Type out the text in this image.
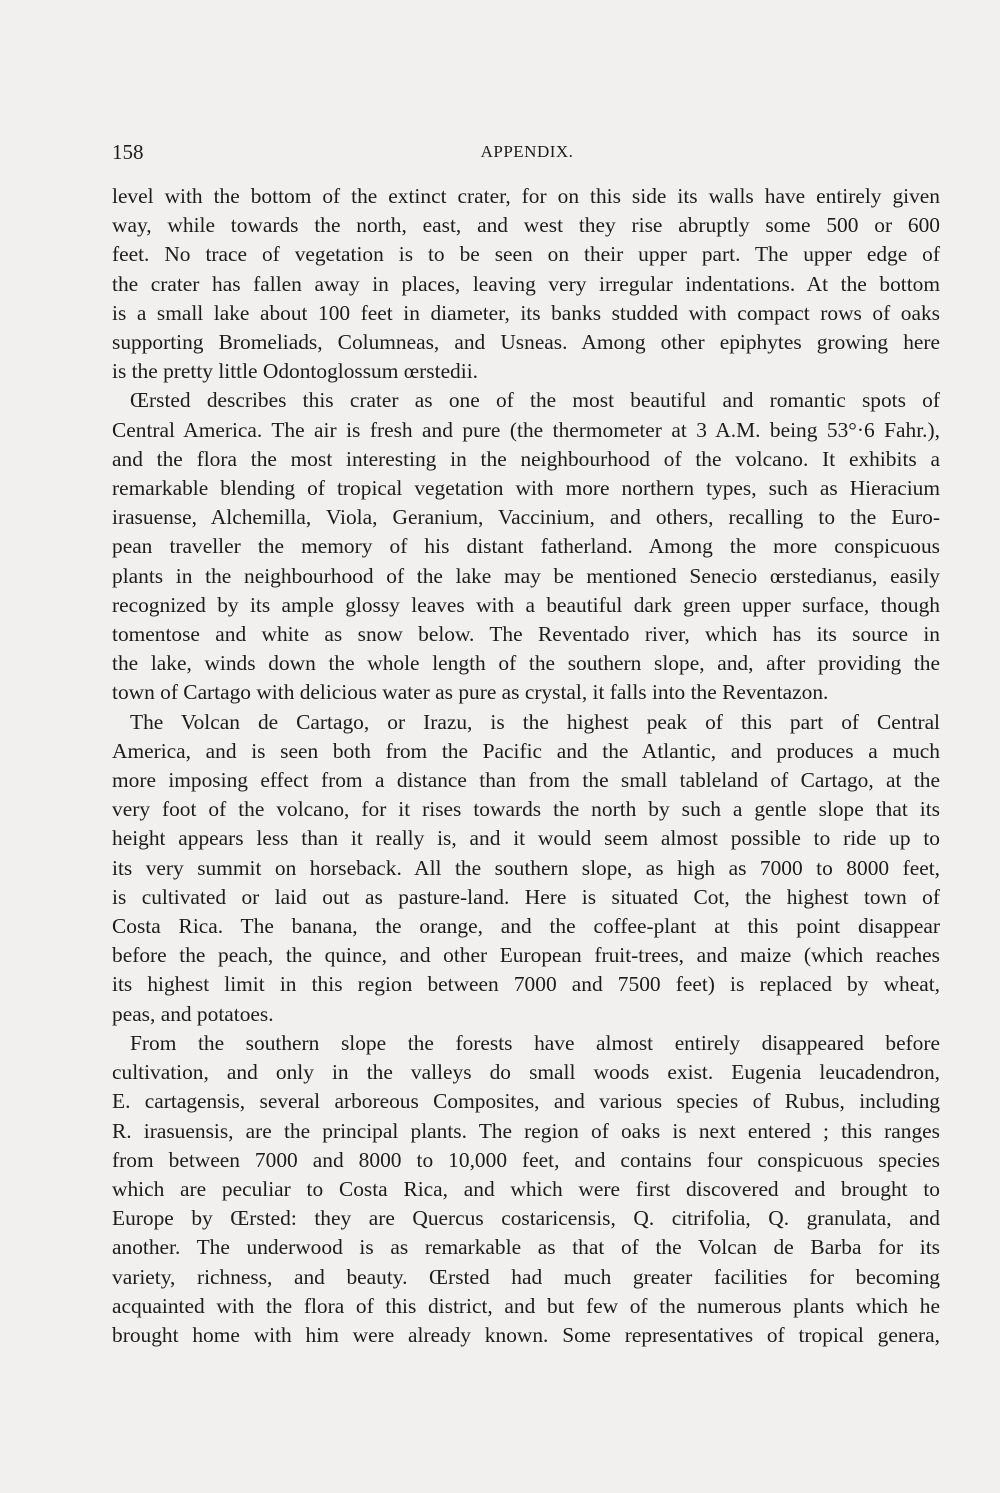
158	APPENDIX.
level with the bottom of the extinct crater, for on this side its walls have entirely given
way, while towards the north, east, and west they rise abruptly some 500 or 600
feet. No trace of vegetation is to be seen on their upper part. The upper edge of
the crater has fallen away in places, leaving very irregular indentations. At the bottom
is a small lake about 100 feet in diameter, its banks studded with compact rows of oaks
supporting Bromeliads, Columneas, and Usneas. Among other epiphytes growing here
is the pretty little Odontoglossum œrstedii.
Œrsted describes this crater as one of the most beautiful and romantic spots of
Central America. The air is fresh and pure (the thermometer at 3 A.M. being 53°·6 Fahr.),
and the flora the most interesting in the neighbourhood of the volcano. It exhibits a
remarkable blending of tropical vegetation with more northern types, such as Hieracium
irasuense, Alchemilla, Viola, Geranium, Vaccinium, and others, recalling to the Euro-
pean traveller the memory of his distant fatherland. Among the more conspicuous
plants in the neighbourhood of the lake may be mentioned Senecio œrstedianus, easily
recognized by its ample glossy leaves with a beautiful dark green upper surface, though
tomentose and white as snow below. The Reventado river, which has its source in
the lake, winds down the whole length of the southern slope, and, after providing the
town of Cartago with delicious water as pure as crystal, it falls into the Reventazon.
The Volcan de Cartago, or Irazu, is the highest peak of this part of Central
America, and is seen both from the Pacific and the Atlantic, and produces a much
more imposing effect from a distance than from the small tableland of Cartago, at the
very foot of the volcano, for it rises towards the north by such a gentle slope that its
height appears less than it really is, and it would seem almost possible to ride up to
its very summit on horseback. All the southern slope, as high as 7000 to 8000 feet,
is cultivated or laid out as pasture-land. Here is situated Cot, the highest town of
Costa Rica. The banana, the orange, and the coffee-plant at this point disappear
before the peach, the quince, and other European fruit-trees, and maize (which reaches
its highest limit in this region between 7000 and 7500 feet) is replaced by wheat,
peas, and potatoes.
From the southern slope the forests have almost entirely disappeared before
cultivation, and only in the valleys do small woods exist. Eugenia leucadendron,
E. cartagensis, several arboreous Composites, and various species of Rubus, including
R. irasuensis, are the principal plants. The region of oaks is next entered ; this ranges
from between 7000 and 8000 to 10,000 feet, and contains four conspicuous species
which are peculiar to Costa Rica, and which were first discovered and brought to
Europe by Œrsted: they are Quercus costaricensis, Q. citrifolia, Q. granulata, and
another. The underwood is as remarkable as that of the Volcan de Barba for its
variety, richness, and beauty. Œrsted had much greater facilities for becoming
acquainted with the flora of this district, and but few of the numerous plants which he
brought home with him were already known. Some representatives of tropical genera,
